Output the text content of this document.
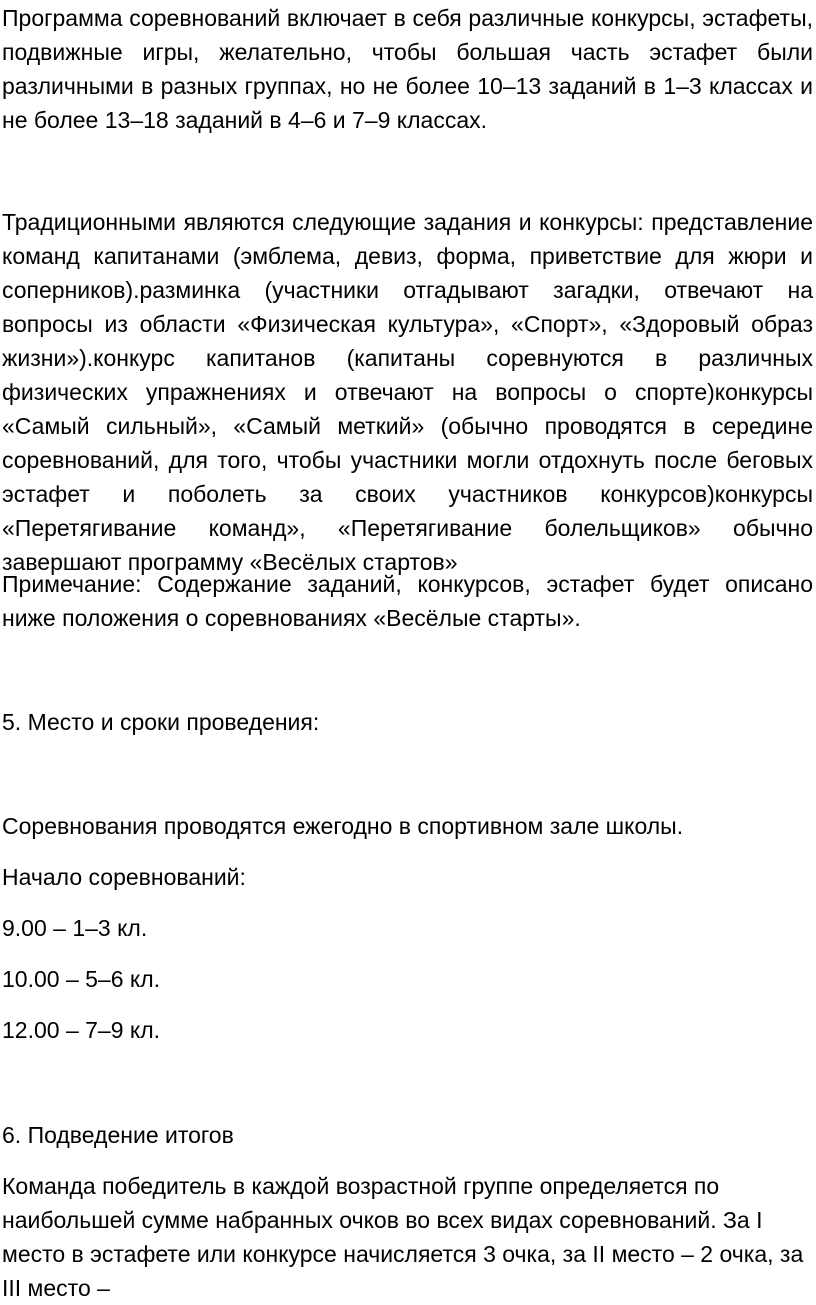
Программа соревнований включает в себя различные конкурсы, эстафеты, подвижные игры, желательно, чтобы большая часть эстафет были различными в разных группах, но не более 10–13 заданий в 1–3 классах и не более 13–18 заданий в 4–6 и 7–9 классах.

Традиционными являются следующие задания и конкурсы: представление команд капитанами (эмблема, девиз, форма, приветствие для жюри и соперников).разминка (участники отгадывают загадки, отвечают на вопросы из области «Физическая культура», «Спорт», «Здоровый образ жизни»).конкурс капитанов (капитаны соревнуются в различных физических упражнениях и отвечают на вопросы о спорте)конкурсы «Самый сильный», «Самый меткий» (обычно проводятся в середине соревнований, для того, чтобы участники могли отдохнуть после беговых эстафет и поболеть за своих участников конкурсов)конкурсы «Перетягивание команд», «Перетягивание болельщиков» обычно завершают программу «Весёлых стартов»

Примечание: Содержание заданий, конкурсов, эстафет будет описано ниже положения о соревнованиях «Весёлые старты».

5. Место и сроки проведения:

Соревнования проводятся ежегодно в спортивном зале школы.

Начало соревнований:

9.00 – 1–3 кл.

10.00 – 5–6 кл.

12.00 – 7–9 кл.

6. Подведение итогов

Команда победитель в каждой возрастной группе определяется по наибольшей сумме набранных очков во всех видах соревнований. За I место в эстафете или конкурсе начисляется 3 очка, за II место – 2 очка, за III место –
